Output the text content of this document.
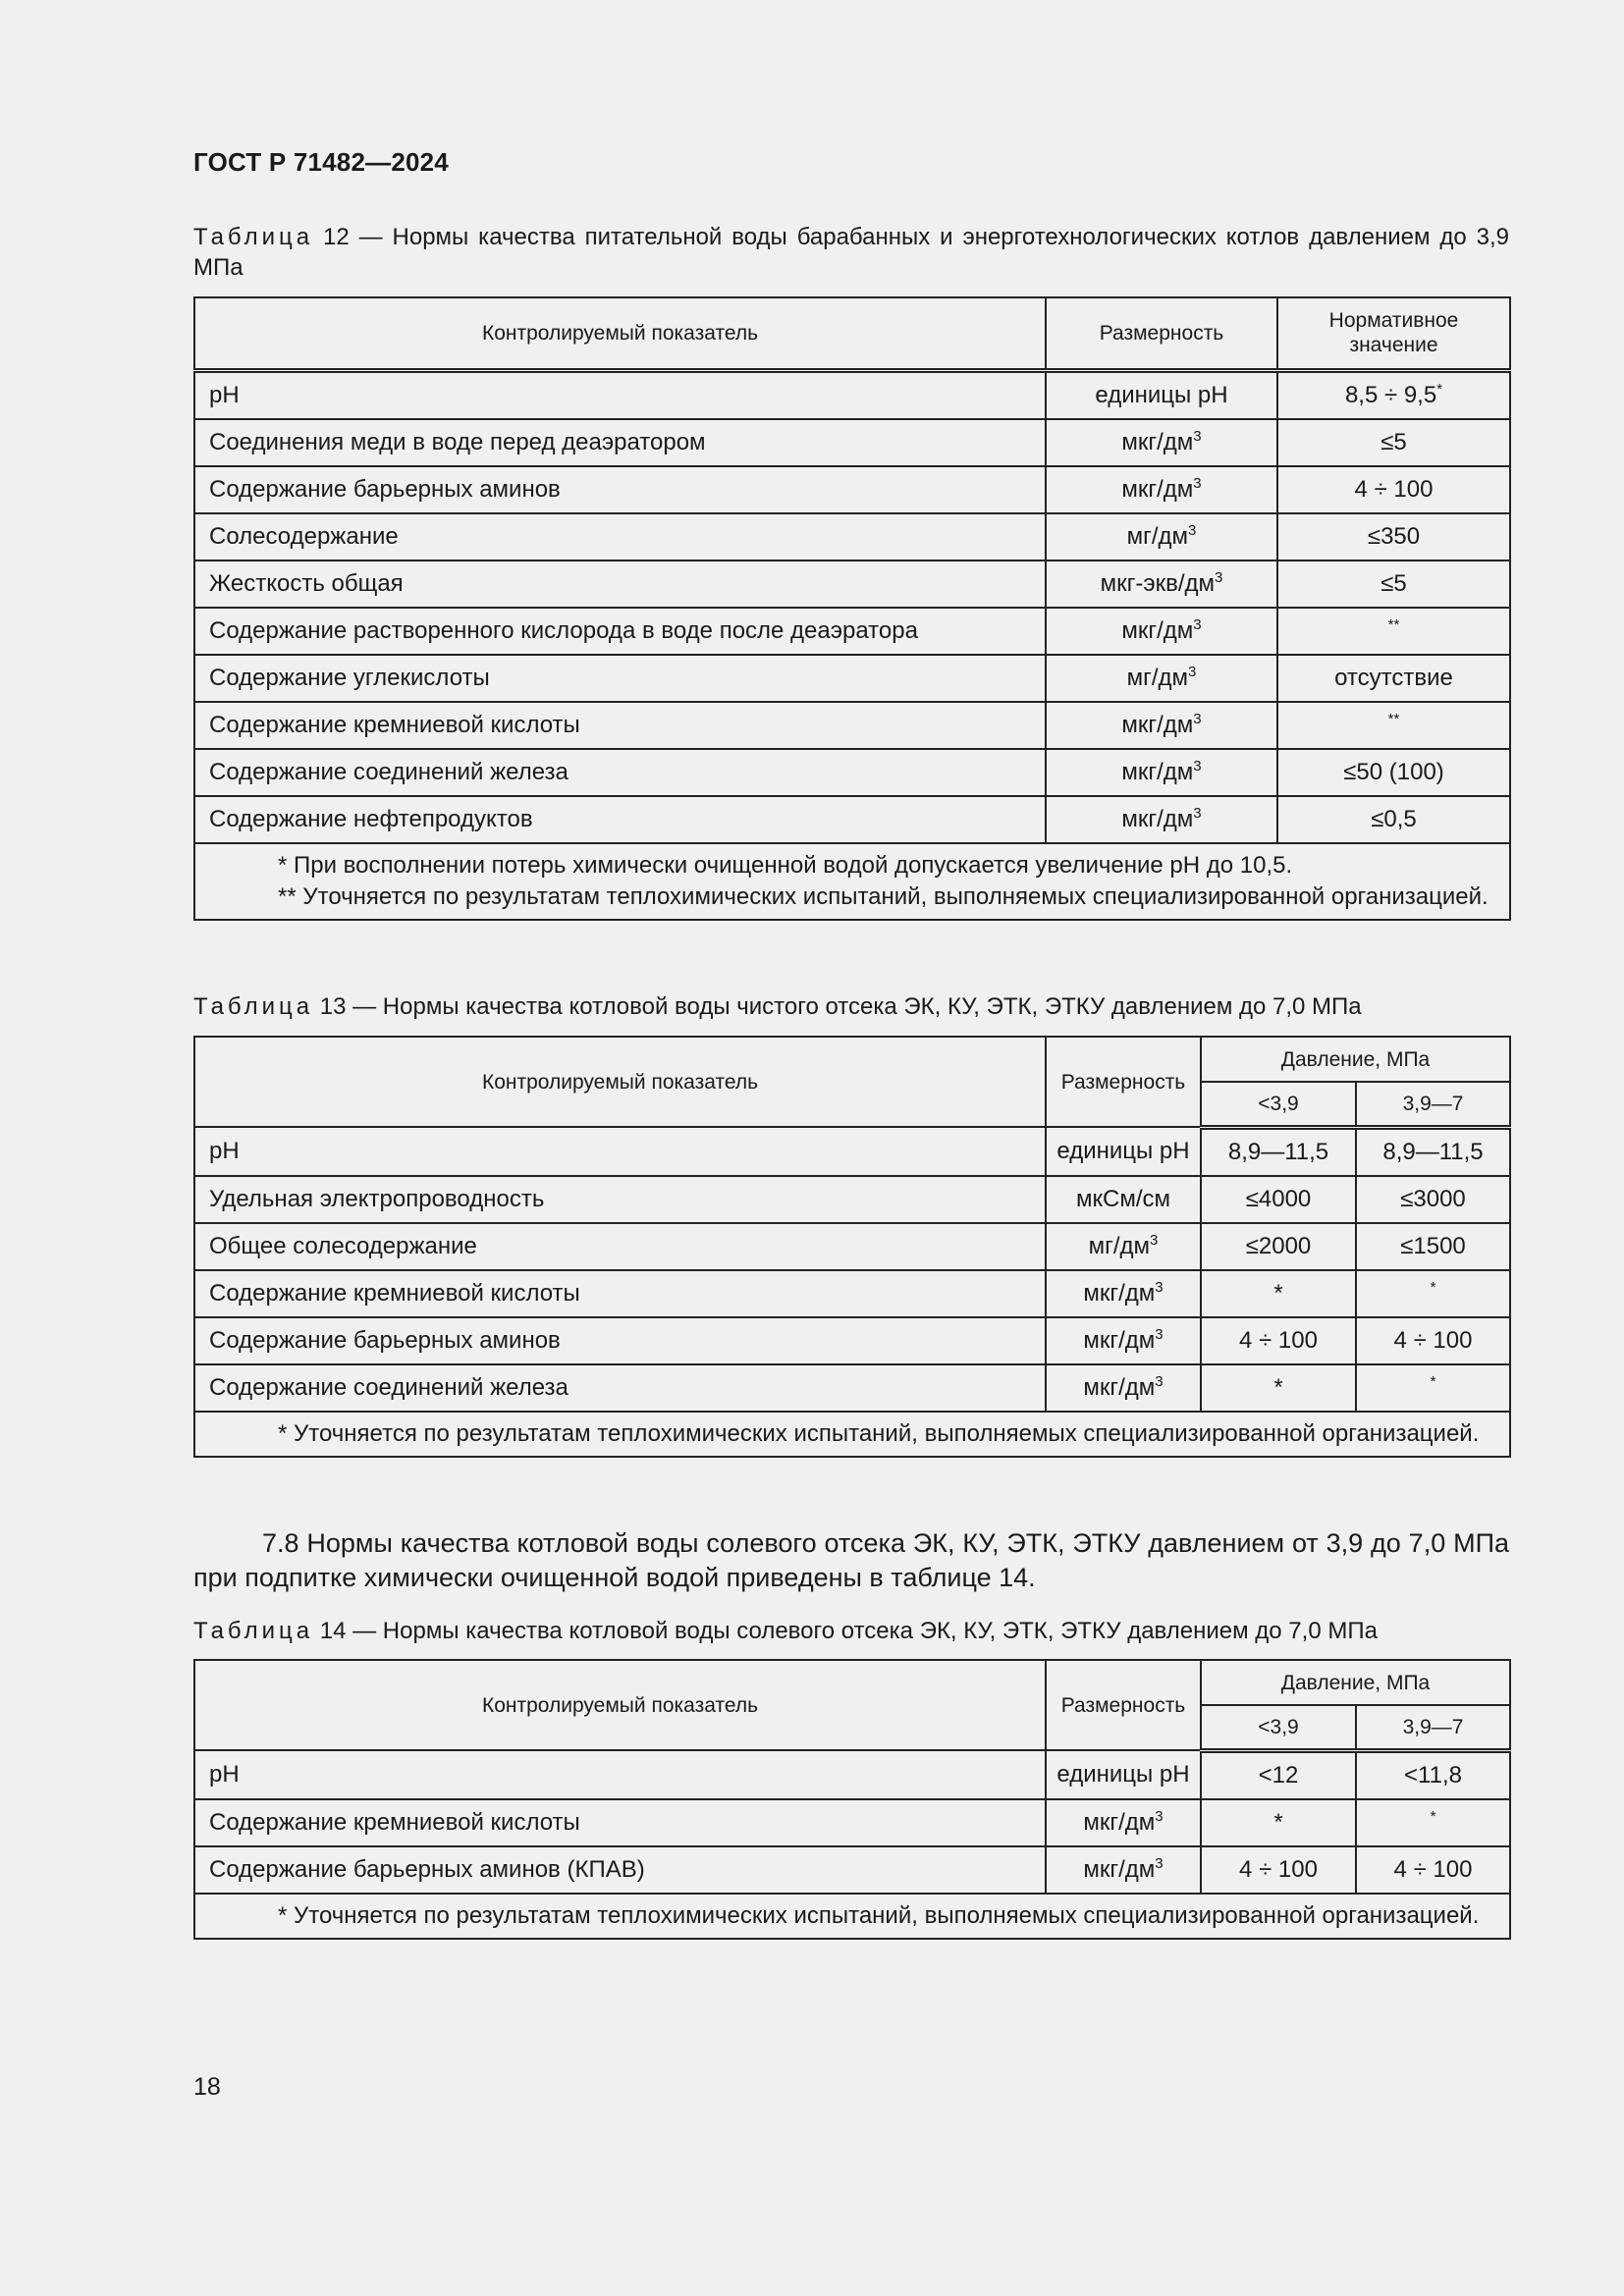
ГОСТ Р 71482—2024
Таблица 12 — Нормы качества питательной воды барабанных и энерготехнологических котлов давлением до 3,9 МПа
Контролируемый показатель	Размерность	Нормативное значение
pH	единицы pH	8,5 ÷ 9,5*
Соединения меди в воде перед деаэратором	мкг/$дм^3$	≤5
Содержание барьерных аминов	мкг/$дм^3$	4 ÷ 100
Солесодержание	$мг/дм^3$	≤350
Жесткость общая	мкг-$экв/дм^3$	≤5
Содержание растворенного кислорода в воде после деаэратора	мкг/$дм^3$	**
Содержание углекислоты	$мг/дм^3$	отсутствие
Содержание кремниевой кислоты	мкг/$дм^3$	**
Содержание соединений железа	мкг/$дм^3$	≤50 (100)
Содержание нефтепродуктов	мкг/$дм^3$	≤0,5

* При восполнении потерь химически очищенной водой допускается увеличение pH до 10,5.

** Уточняется по результатам теплохимических испытаний, выполняемых специализированной организацией.		

Таблица 13 — Нормы качества котловой воды чистого отсека ЭК, КУ, ЭТК, ЭТКУ давлением до 7,0 МПа
Контролируемый показатель	Размерность	Давление, МПа	
		<3,9	3,9—7
pH	единицы pH	8,9—11,5	8,9—11,5
Удельная электропроводность	мкСм/см	≤4000	≤3000
Общее солесодержание	$мг/дм^3$	≤2000	≤1500
Содержание кремниевой кислоты	мкг/$дм^3$	*	*
Содержание барьерных аминов	мкг/$дм^3$	4 ÷ 100	4 ÷ 100
Содержание соединений железа	мкг/$дм^3$	*	*

* Уточняется по результатам теплохимических испытаний, выполняемых специализированной организацией.			

7.8 Нормы качества котловой воды солевого отсека ЭК, КУ, ЭТК, ЭТКУ давлением от 3,9 до 7,0 МПа при подпитке химически очищенной водой приведены в таблице 14.
Таблица 14 — Нормы качества котловой воды солевого отсека ЭК, КУ, ЭТК, ЭТКУ давлением до 7,0 МПа
Контролируемый показатель	Размерность	Давление, МПа	
		<3,9	3,9—7
pH	единицы pH	<12	<11,8
Содержание кремниевой кислоты	мкг/$дм^3$	*	*
Содержание барьерных аминов (КПАВ)	мкг/$дм^3$	4 ÷ 100	4 ÷ 100

* Уточняется по результатам теплохимических испытаний, выполняемых специализированной организацией.			

18
